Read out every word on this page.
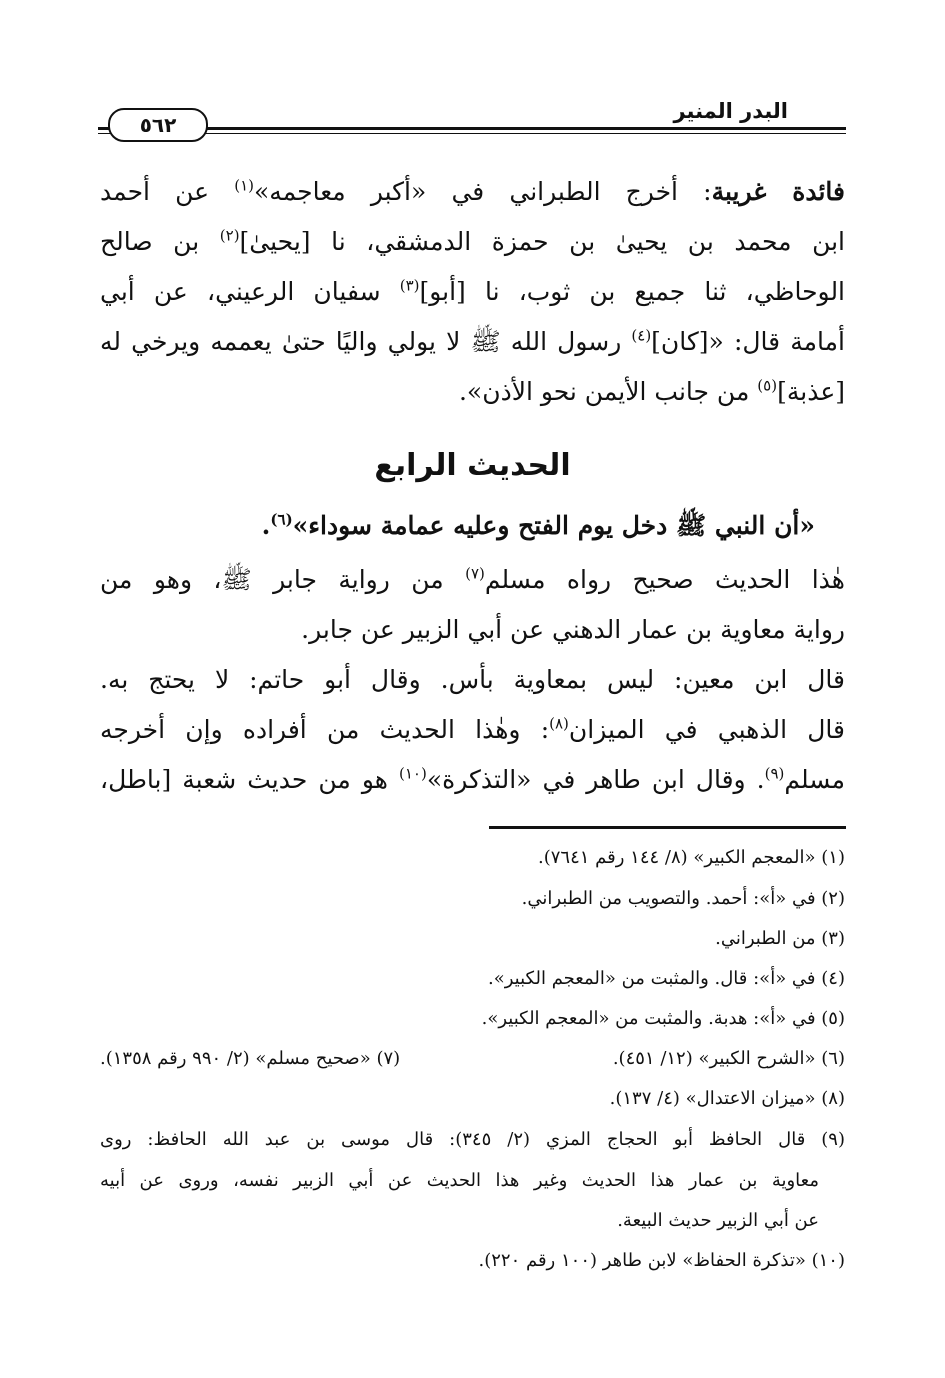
البدر المنير
٥٦٢
فائدة غريبة: أخرج الطبراني في «أكبر معاجمه»$^{(١)}$ عن أحمد
ابن محمد بن يحيىٰ بن حمزة الدمشقي، نا [يحيىٰ]$^{(٢)}$ بن صالح
الوحاظي، ثنا جميع بن ثوب، نا [أبو]$^{(٣)}$ سفيان الرعيني، عن أبي
أمامة قال: «[كان]$^{(٤)}$ رسول الله ﷺ لا يولي واليًا حتىٰ يعممه ويرخي له
[عذبة]$^{(٥)}$ من جانب الأيمن نحو الأذن».
الحديث الرابع
«أن النبي ﷺ دخل يوم الفتح وعليه عمامة سوداء»$^{(٦)}$.
هٰذا الحديث صحيح رواه مسلم$^{(٧)}$ من رواية جابر ﷺ، وهو من
رواية معاوية بن عمار الدهني عن أبي الزبير عن جابر.
قال ابن معين: ليس بمعاوية بأس. وقال أبو حاتم: لا يحتج به.
قال الذهبي في الميزان$^{(٨)}$: وهٰذا الحديث من أفراده وإن أخرجه
مسلم$^{(٩)}$. وقال ابن طاهر في «التذكرة»$^{(١٠)}$ هو من حديث شعبة [باطل،
(١) «المعجم الكبير» (٨/ ١٤٤ رقم ٧٦٤١).
(٢) في «أ»: أحمد. والتصويب من الطبراني.
(٣) من الطبراني.
(٤) في «أ»: قال. والمثبت من «المعجم الكبير».
(٥) في «أ»: هدبة. والمثبت من «المعجم الكبير».
(٦) «الشرح الكبير» (١٢/ ٤٥١).
(٧) «صحيح مسلم» (٢/ ٩٩٠ رقم ١٣٥٨).
(٨) «ميزان الاعتدال» (٤/ ١٣٧).
(٩) قال الحافظ أبو الحجاج المزي (٢/ ٣٤٥): قال موسى بن عبد الله الحافظ: روى
معاوية بن عمار هذا الحديث وغير هذا الحديث عن أبي الزبير نفسه، وروى عن أبيه
عن أبي الزبير حديث البيعة.
(١٠) «تذكرة الحفاظ» لابن طاهر (١٠٠ رقم ٢٢٠).
